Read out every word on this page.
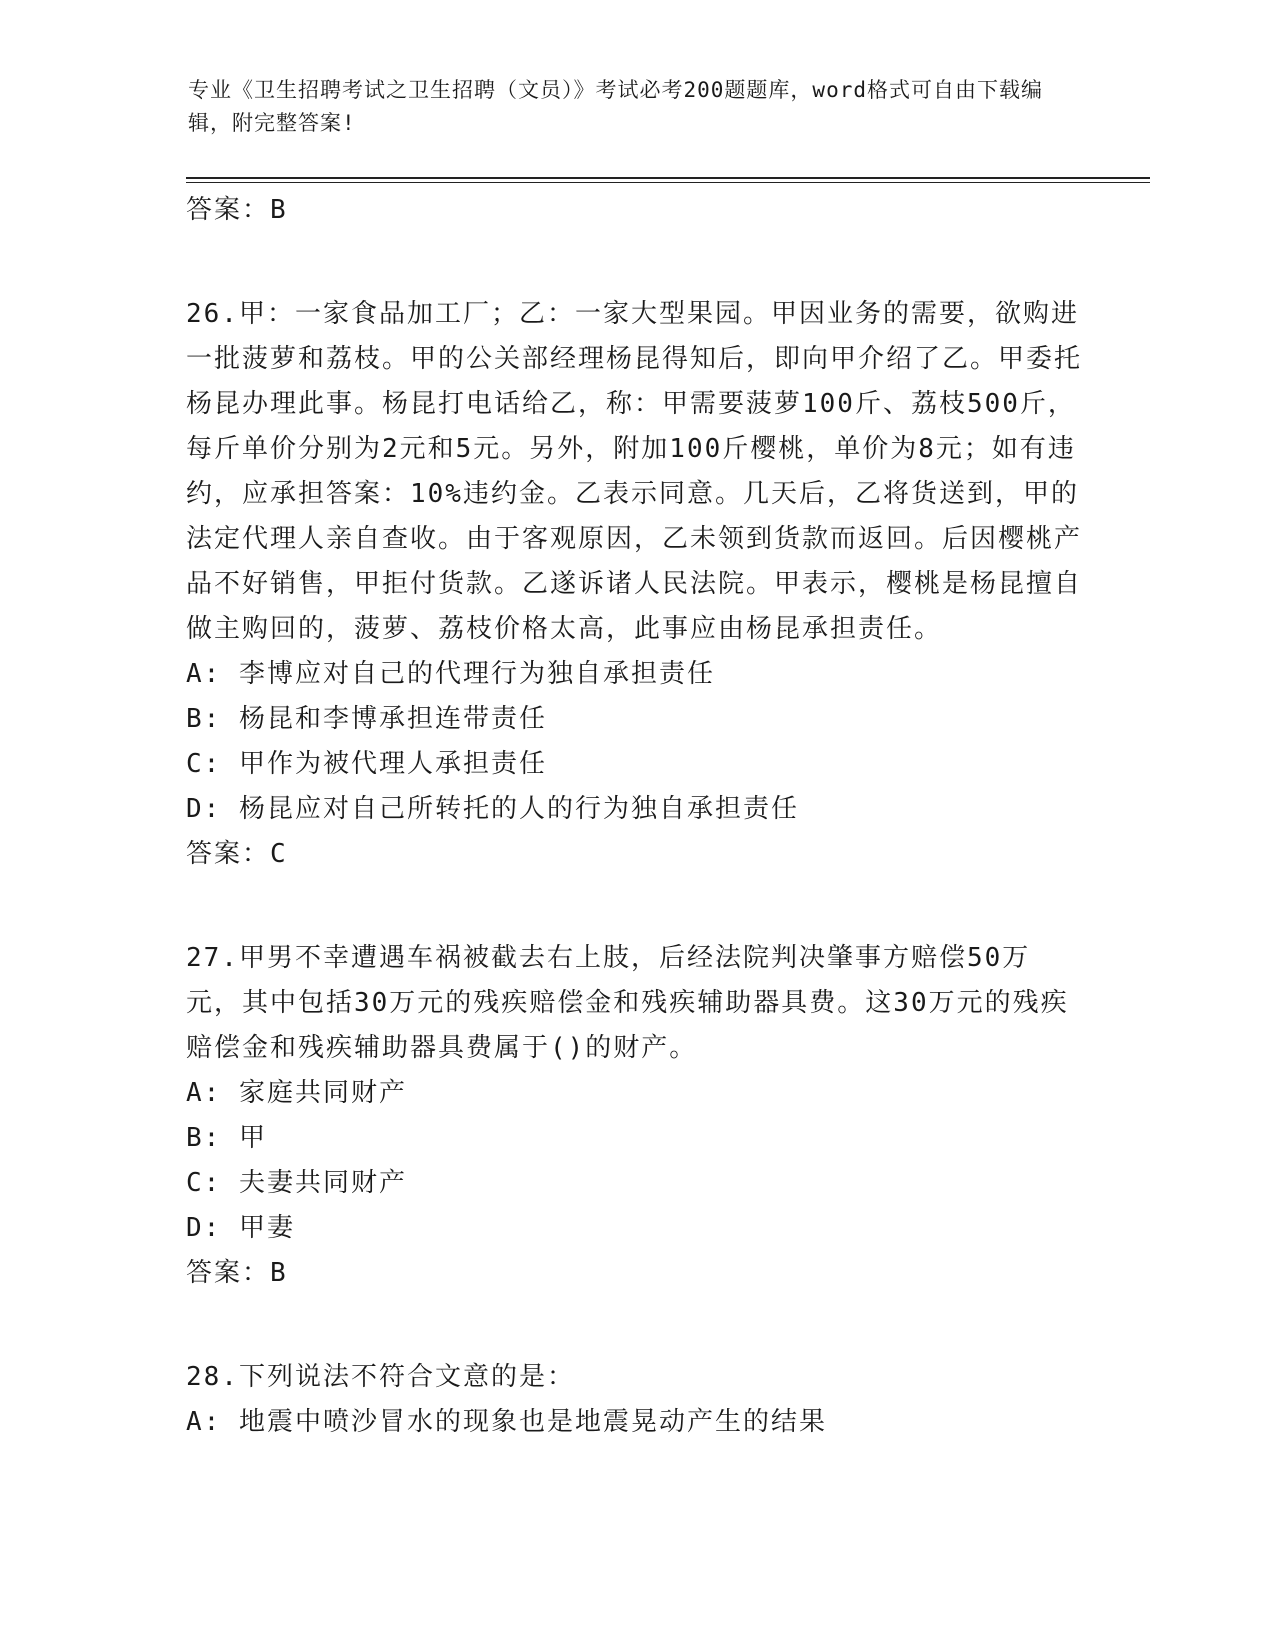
专业《卫生招聘考试之卫生招聘（文员）》考试必考200题题库，word格式可自由下载编辑，附完整答案!
答案：B
26.甲：一家食品加工厂；乙：一家大型果园。甲因业务的需要，欲购进一批菠萝和荔枝。甲的公关部经理杨昆得知后，即向甲介绍了乙。甲委托杨昆办理此事。杨昆打电话给乙，称：甲需要菠萝100斤、荔枝500斤，每斤单价分别为2元和5元。另外，附加100斤樱桃，单价为8元；如有违约，应承担答案：10%违约金。乙表示同意。几天后，乙将货送到，甲的法定代理人亲自查收。由于客观原因，乙未领到货款而返回。后因樱桃产品不好销售，甲拒付货款。乙遂诉诸人民法院。甲表示，樱桃是杨昆擅自做主购回的，菠萝、荔枝价格太高，此事应由杨昆承担责任。
A: 李博应对自己的代理行为独自承担责任
B: 杨昆和李博承担连带责任
C: 甲作为被代理人承担责任
D: 杨昆应对自己所转托的人的行为独自承担责任
答案：C
27.甲男不幸遭遇车祸被截去右上肢，后经法院判决肇事方赔偿50万元，其中包括30万元的残疾赔偿金和残疾辅助器具费。这30万元的残疾赔偿金和残疾辅助器具费属于()的财产。
A: 家庭共同财产
B: 甲
C: 夫妻共同财产
D: 甲妻
答案：B
28.下列说法不符合文意的是：
A: 地震中喷沙冒水的现象也是地震晃动产生的结果
